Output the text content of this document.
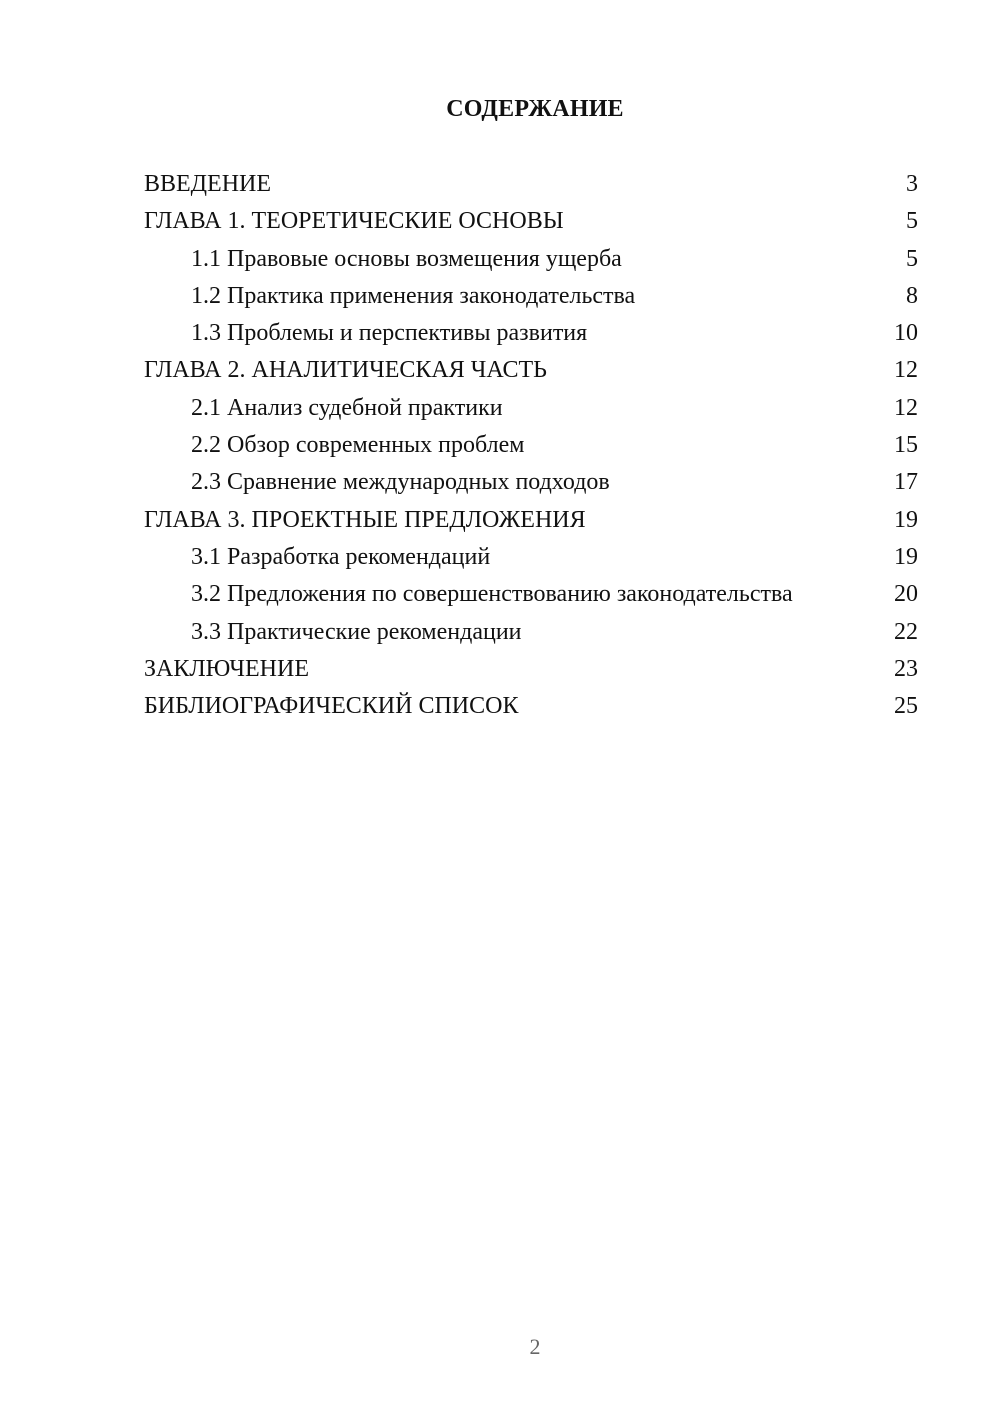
СОДЕРЖАНИЕ
ВВЕДЕНИЕ	3
ГЛАВА 1. ТЕОРЕТИЧЕСКИЕ ОСНОВЫ	5
1.1 Правовые основы возмещения ущерба	5
1.2 Практика применения законодательства	8
1.3 Проблемы и перспективы развития	10
ГЛАВА 2. АНАЛИТИЧЕСКАЯ ЧАСТЬ	12
2.1 Анализ судебной практики	12
2.2 Обзор современных проблем	15
2.3 Сравнение международных подходов	17
ГЛАВА 3. ПРОЕКТНЫЕ ПРЕДЛОЖЕНИЯ	19
3.1 Разработка рекомендаций	19
3.2 Предложения по совершенствованию законодательства	20
3.3 Практические рекомендации	22
ЗАКЛЮЧЕНИЕ	23
БИБЛИОГРАФИЧЕСКИЙ СПИСОК	25
2
